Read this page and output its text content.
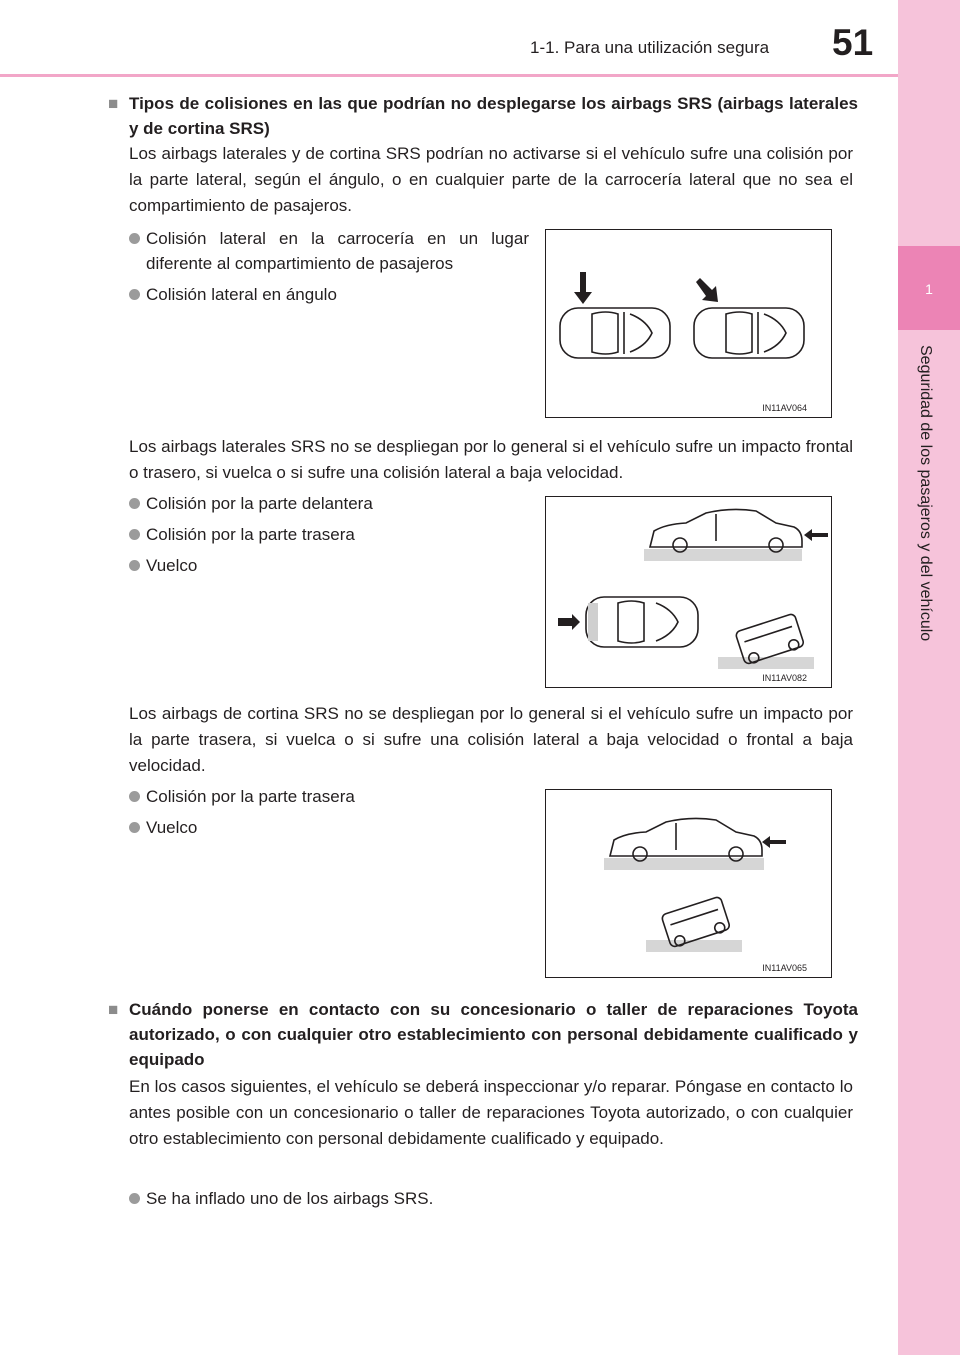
1-1. Para una utilización segura 51
1
Seguridad de los pasajeros y del vehículo
■ Tipos de colisiones en las que podrían no desplegarse los airbags SRS (airbags laterales y de cortina SRS)
Los airbags laterales y de cortina SRS podrían no activarse si el vehículo sufre una colisión por la parte lateral, según el ángulo, o en cualquier parte de la carrocería lateral que no sea el compartimiento de pasajeros.
Colisión lateral en la carrocería en un lugar diferente al compartimiento de pasajeros
Colisión lateral en ángulo
IN11AV064
Los airbags laterales SRS no se despliegan por lo general si el vehículo sufre un impacto frontal o trasero, si vuelca o si sufre una colisión lateral a baja velocidad.
Colisión por la parte delantera
Colisión por la parte trasera
Vuelco
IN11AV082
Los airbags de cortina SRS no se despliegan por lo general si el vehículo sufre un impacto por la parte trasera, si vuelca o si sufre una colisión lateral a baja velocidad o frontal a baja velocidad.
Colisión por la parte trasera
Vuelco
IN11AV065
■ Cuándo ponerse en contacto con su concesionario o taller de reparaciones Toyota autorizado, o con cualquier otro establecimiento con personal debidamente cualificado y equipado
En los casos siguientes, el vehículo se deberá inspeccionar y/o reparar. Póngase en contacto lo antes posible con un concesionario o taller de reparaciones Toyota autorizado, o con cualquier otro establecimiento con personal debidamente cualificado y equipado.
Se ha inflado uno de los airbags SRS.
